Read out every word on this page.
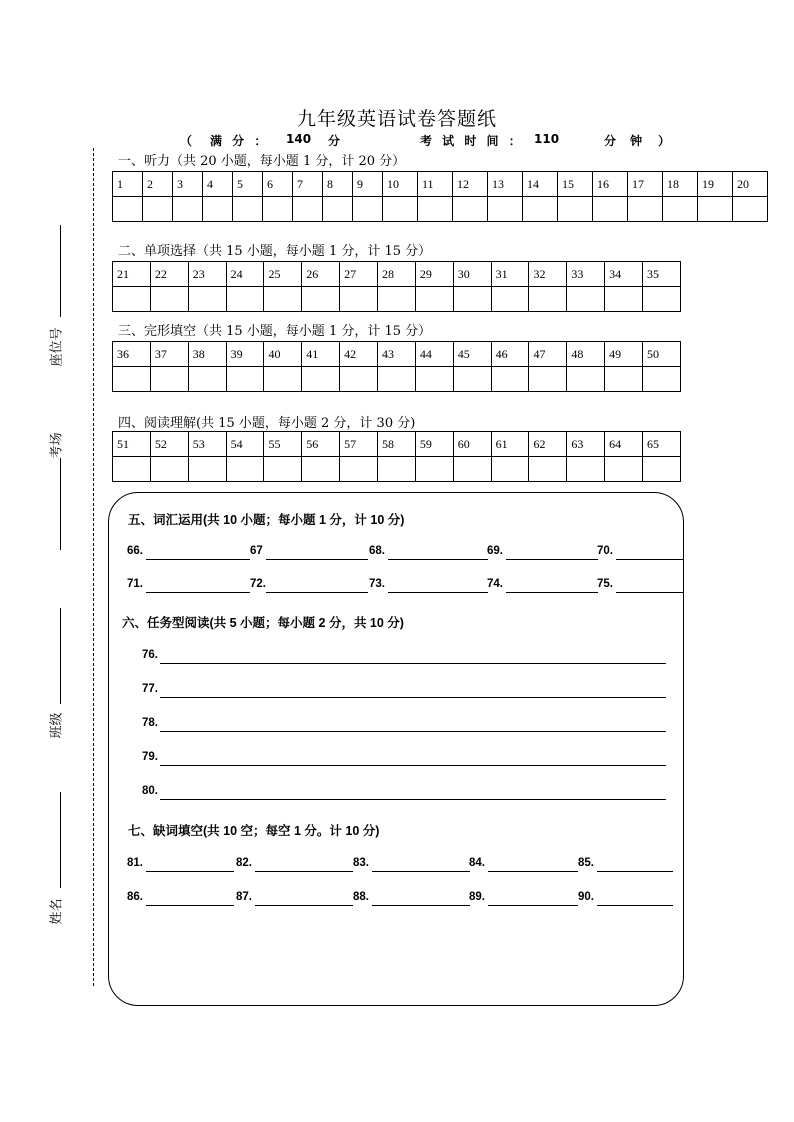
九年级英语试卷答题纸
（ 满 分 ： 140 分	考 试 时 间 ： 110	分 钟 ）
座位号
考场
班级
姓名
一、听力（共 20 小题，每小题 1 分，计 20 分）
1	2	3	4	5	6	7	8	9	10	11	12	13	14	15	16	17	18	19	20

二、单项选择（共 15 小题，每小题 1 分，计 15 分）
21	22	23	24	25	26	27	28	29	30	31	32	33	34	35

三、完形填空（共 15 小题，每小题 1 分，计 15 分）
36	37	38	39	40	41	42	43	44	45	46	47	48	49	50

四、阅读理解(共 15 小题，每小题 2 分，计 30 分)
51	52	53	54	55	56	57	58	59	60	61	62	63	64	65

五、词汇运用(共 10 小题；每小题 1 分，计 10 分)
66.	67	68.	69.	70.
71.	72.	73.	74.	75.
六、任务型阅读(共 5 小题；每小题 2 分，共 10 分)
76.
77.
78.
79.
80.
七、缺词填空(共 10 空；每空 1 分。计 10 分)
81.	82.	83.	84.	85.
86.	87.	88.	89.	90.
